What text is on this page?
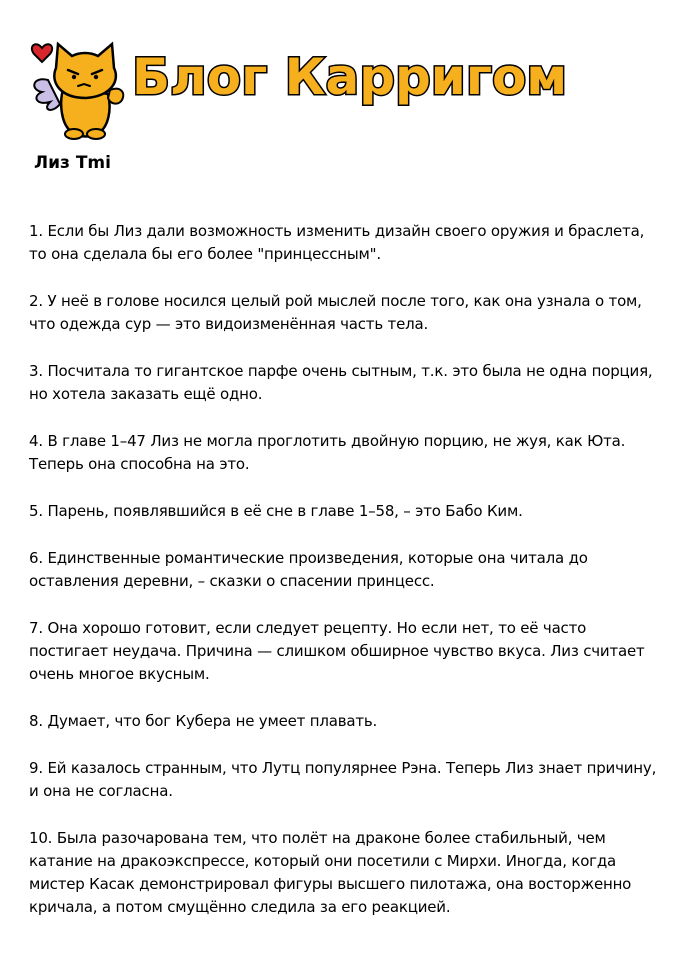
Блог Карригом
Лиз Tmi
1. Если бы Лиз дали возможность изменить дизайн своего оружия и браслета, то она сделала бы его более "принцессным".
2. У неё в голове носился целый рой мыслей после того, как она узнала о том, что одежда сур — это видоизменённая часть тела.
3. Посчитала то гигантское парфе очень сытным, т.к. это была не одна порция, но хотела заказать ещё одно.
4. В главе 1–47 Лиз не могла проглотить двойную порцию, не жуя, как Юта. Теперь она способна на это.
5. Парень, появлявшийся в её сне в главе 1–58, – это Бабо Ким.
6. Единственные романтические произведения, которые она читала до оставления деревни, – сказки о спасении принцесс.
7. Она хорошо готовит, если следует рецепту. Но если нет, то её часто постигает неудача. Причина — слишком обширное чувство вкуса. Лиз считает очень многое вкусным.
8. Думает, что бог Кубера не умеет плавать.
9. Ей казалось странным, что Лутц популярнее Рэна. Теперь Лиз знает причину, и она не согласна.
10. Была разочарована тем, что полёт на драконе более стабильный, чем катание на дракоэкспрессе, который они посетили с Мирхи. Иногда, когда мистер Касак демонстрировал фигуры высшего пилотажа, она восторженно кричала, а потом смущённо следила за его реакцией.
